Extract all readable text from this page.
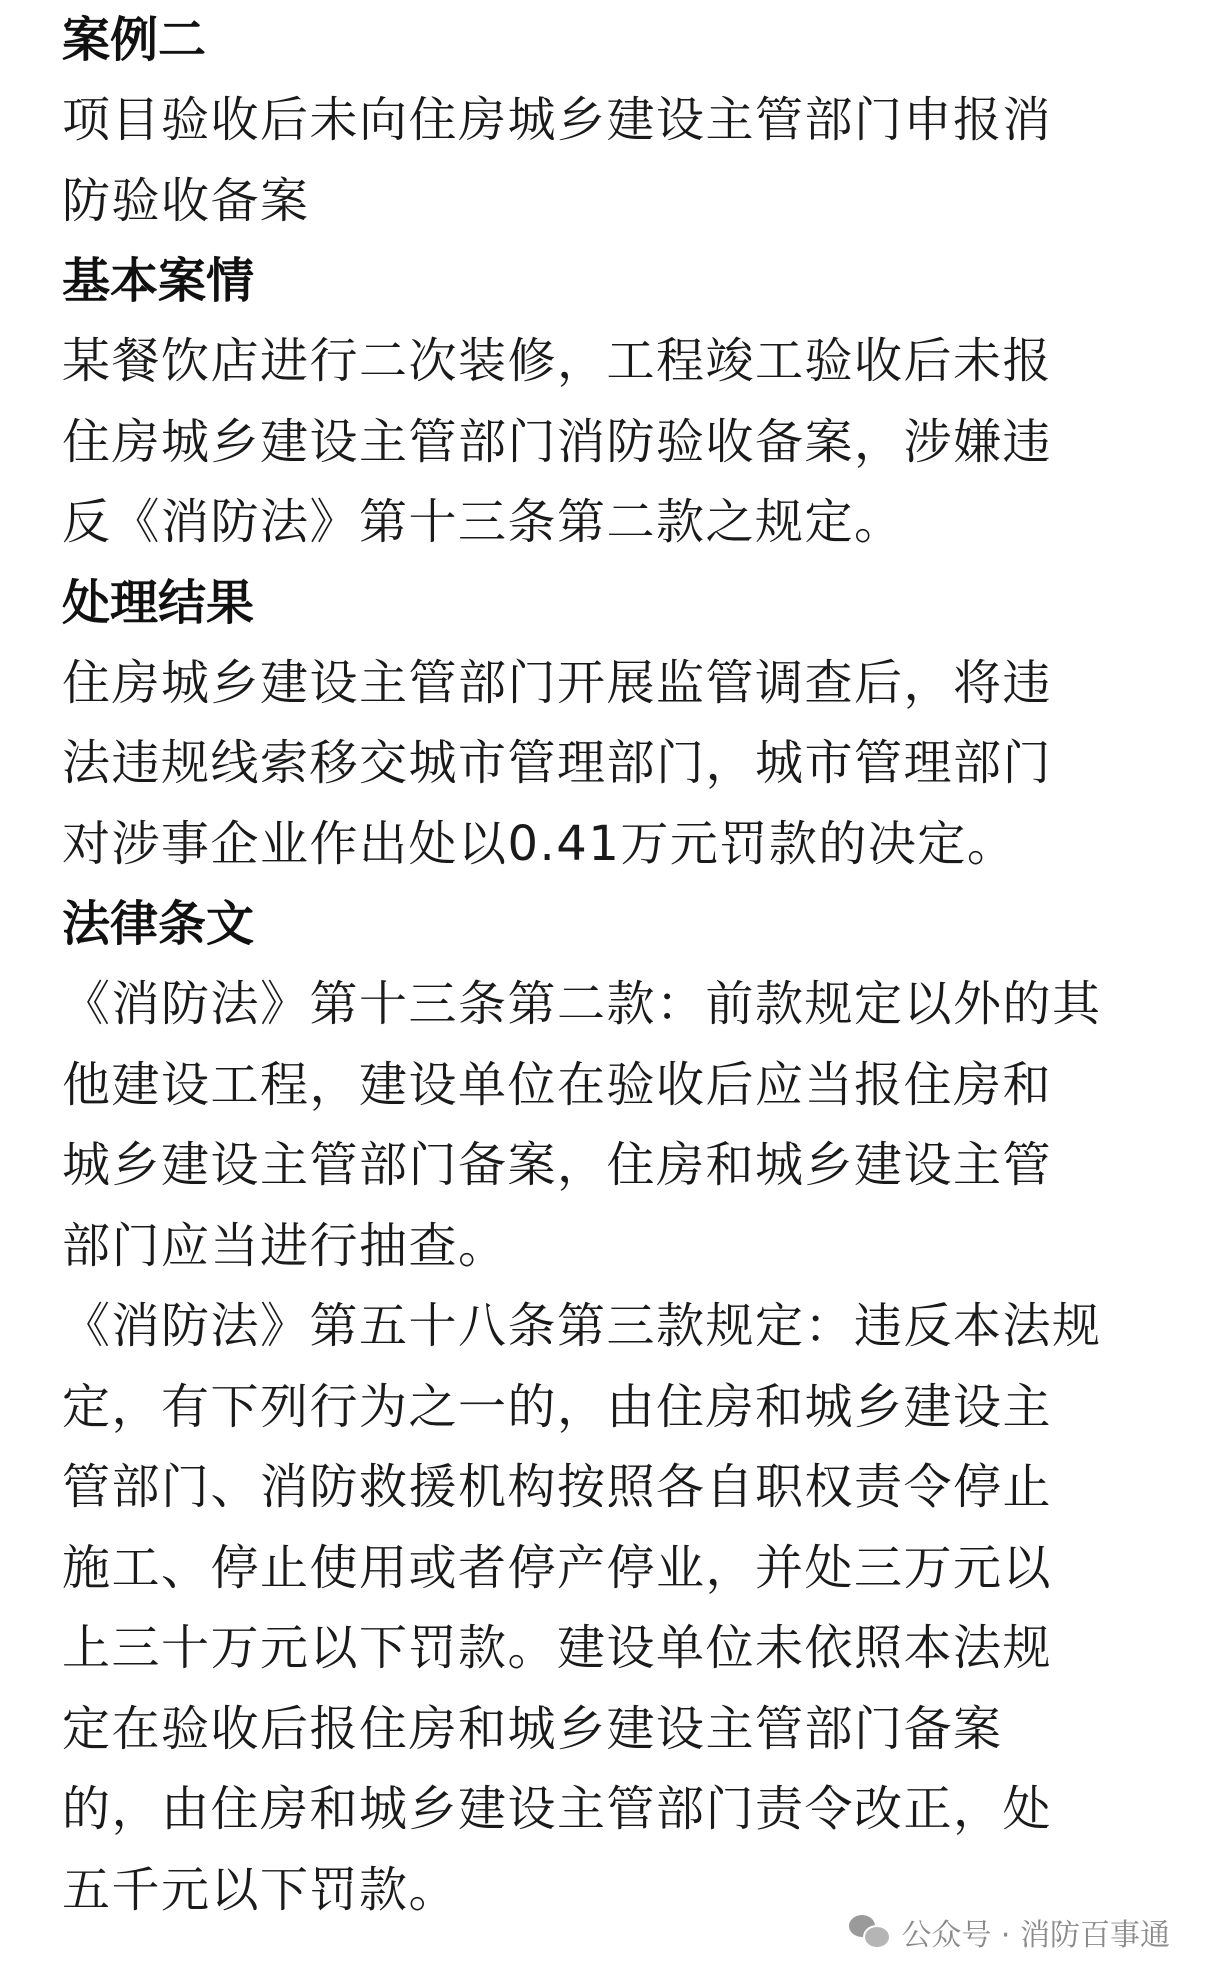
案例二

项目验收后未向住房城乡建设主管部门申报消
防验收备案

基本案情

某餐饮店进行二次装修，工程竣工验收后未报
住房城乡建设主管部门消防验收备案，涉嫌违
反《消防法》第十三条第二款之规定。

处理结果

住房城乡建设主管部门开展监管调查后，将违
法违规线索移交城市管理部门，城市管理部门
对涉事企业作出处以0.41万元罚款的决定。

法律条文

《消防法》第十三条第二款：前款规定以外的其
他建设工程，建设单位在验收后应当报住房和
城乡建设主管部门备案，住房和城乡建设主管
部门应当进行抽查。
《消防法》第五十八条第三款规定：违反本法规
定，有下列行为之一的，由住房和城乡建设主
管部门、消防救援机构按照各自职权责令停止
施工、停止使用或者停产停业，并处三万元以
上三十万元以下罚款。建设单位未依照本法规
定在验收后报住房和城乡建设主管部门备案
的，由住房和城乡建设主管部门责令改正，处
五千元以下罚款。

公众号 · 消防百事通
